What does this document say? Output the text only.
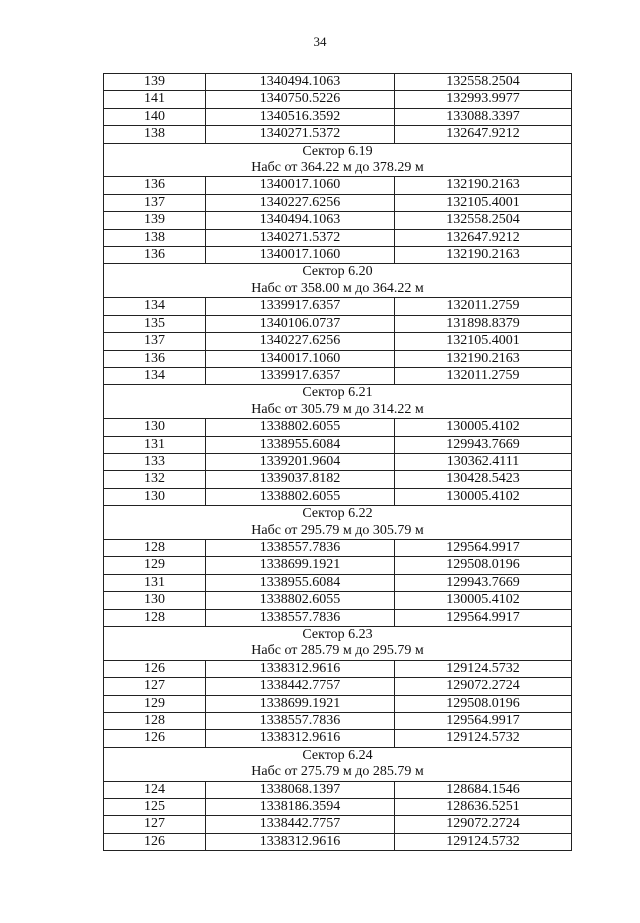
34
139	1340494.1063	132558.2504
141	1340750.5226	132993.9977
140	1340516.3592	133088.3397
138	1340271.5372	132647.9212

Сектор 6.19
Набс от 364.22 м до 378.29 м		

136	1340017.1060	132190.2163
137	1340227.6256	132105.4001
139	1340494.1063	132558.2504
138	1340271.5372	132647.9212
136	1340017.1060	132190.2163

Сектор 6.20
Набс от 358.00 м до 364.22 м		

134	1339917.6357	132011.2759
135	1340106.0737	131898.8379
137	1340227.6256	132105.4001
136	1340017.1060	132190.2163
134	1339917.6357	132011.2759

Сектор 6.21
Набс от 305.79 м до 314.22 м		

130	1338802.6055	130005.4102
131	1338955.6084	129943.7669
133	1339201.9604	130362.4111
132	1339037.8182	130428.5423
130	1338802.6055	130005.4102

Сектор 6.22
Набс от 295.79 м до 305.79 м		

128	1338557.7836	129564.9917
129	1338699.1921	129508.0196
131	1338955.6084	129943.7669
130	1338802.6055	130005.4102
128	1338557.7836	129564.9917

Сектор 6.23
Набс от 285.79 м до 295.79 м		

126	1338312.9616	129124.5732
127	1338442.7757	129072.2724
129	1338699.1921	129508.0196
128	1338557.7836	129564.9917
126	1338312.9616	129124.5732

Сектор 6.24
Набс от 275.79 м до 285.79 м		

124	1338068.1397	128684.1546
125	1338186.3594	128636.5251
127	1338442.7757	129072.2724
126	1338312.9616	129124.5732
